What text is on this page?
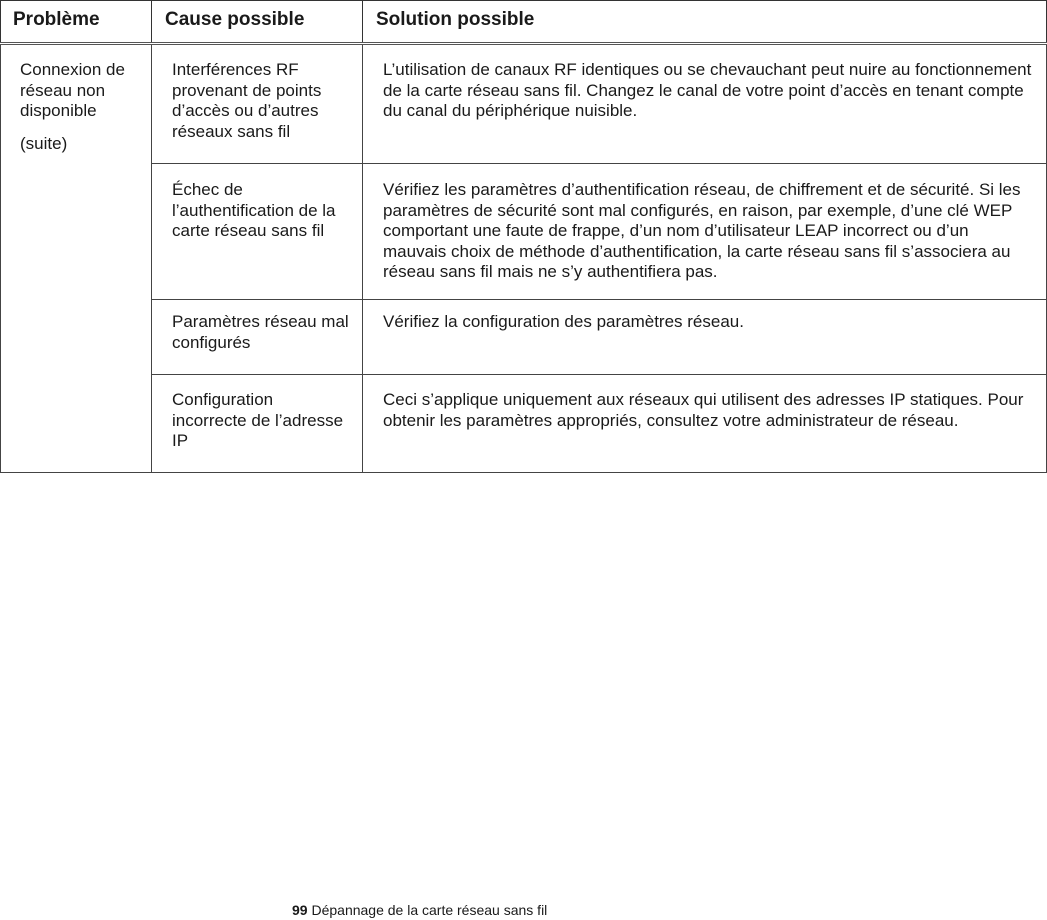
Problème	Cause possible	Solution possible

Connexion de réseau non disponible

(suite)	Interférences RF provenant de points d’accès ou d’autres réseaux sans fil	L’utilisation de canaux RF identiques ou se chevauchant peut nuire au fonctionnement de la carte réseau sans fil. Changez le canal de votre point d’accès en tenant compte du canal du périphérique nuisible.
	Échec de l’authentification de la carte réseau sans fil	Vérifiez les paramètres d’authentification réseau, de chiffrement et de sécurité. Si les paramètres de sécurité sont mal configurés, en raison, par exemple, d’une clé WEP comportant une faute de frappe, d’un nom d’utilisateur LEAP incorrect ou d’un mauvais choix de méthode d’authentification, la carte réseau sans fil s’associera au réseau sans fil mais ne s’y authentifiera pas.
	Paramètres réseau mal configurés	Vérifiez la configuration des paramètres réseau.
	Configuration incorrecte de l’adresse IP	Ceci s’applique uniquement aux réseaux qui utilisent des adresses IP statiques. Pour obtenir les paramètres appropriés, consultez votre administrateur de réseau.
99 Dépannage de la carte réseau sans fil
